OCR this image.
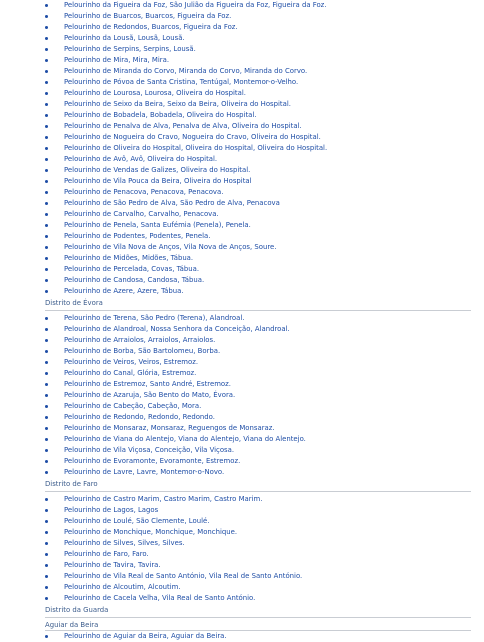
Pelourinho da Figueira da Foz, São Julião da Figueira da Foz, Figueira da Foz.
Pelourinho de Buarcos, Buarcos, Figueira da Foz.
Pelourinho de Redondos, Buarcos, Figueira da Foz.
Pelourinho da Lousã, Lousã, Lousã.
Pelourinho de Serpins, Serpins, Lousã.
Pelourinho de Mira, Mira, Mira.
Pelourinho de Miranda do Corvo, Miranda do Corvo, Miranda do Corvo.
Pelourinho de Póvoa de Santa Cristina, Tentúgal, Montemor-o-Velho.
Pelourinho de Lourosa, Lourosa, Oliveira do Hospital.
Pelourinho de Seixo da Beira, Seixo da Beira, Oliveira do Hospital.
Pelourinho de Bobadela, Bobadela, Oliveira do Hospital.
Pelourinho de Penalva de Alva, Penalva de Alva, Oliveira do Hospital.
Pelourinho de Nogueira do Cravo, Nogueira do Cravo, Oliveira do Hospital.
Pelourinho de Oliveira do Hospital, Oliveira do Hospital, Oliveira do Hospital.
Pelourinho de Avô, Avô, Oliveira do Hospital.
Pelourinho de Vendas de Galizes, Oliveira do Hospital.
Pelourinho de Vila Pouca da Beira, Oliveira do Hospital
Pelourinho de Penacova, Penacova, Penacova.
Pelourinho de São Pedro de Alva, São Pedro de Alva, Penacova
Pelourinho de Carvalho, Carvalho, Penacova.
Pelourinho de Penela, Santa Eufémia (Penela), Penela.
Pelourinho de Podentes, Podentes, Penela.
Pelourinho de Vila Nova de Anços, Vila Nova de Anços, Soure.
Pelourinho de Midões, Midões, Tábua.
Pelourinho de Percelada, Covas, Tábua.
Pelourinho de Candosa, Candosa, Tábua.
Pelourinho de Azere, Azere, Tábua.
Distrito de Évora
Pelourinho de Terena, São Pedro (Terena), Alandroal.
Pelourinho de Alandroal, Nossa Senhora da Conceição, Alandroal.
Pelourinho de Arraiolos, Arraiolos, Arraiolos.
Pelourinho de Borba, São Bartolomeu, Borba.
Pelourinho de Veiros, Veiros, Estremoz.
Pelourinho do Canal, Glória, Estremoz.
Pelourinho de Estremoz, Santo André, Estremoz.
Pelourinho de Azaruja, São Bento do Mato, Évora.
Pelourinho de Cabeção, Cabeção, Mora.
Pelourinho de Redondo, Redondo, Redondo.
Pelourinho de Monsaraz, Monsaraz, Reguengos de Monsaraz.
Pelourinho de Viana do Alentejo, Viana do Alentejo, Viana do Alentejo.
Pelourinho de Vila Viçosa, Conceição, Vila Viçosa.
Pelourinho de Evoramonte, Evoramonte, Estremoz.
Pelourinho de Lavre, Lavre, Montemor-o-Novo.
Distrito de Faro
Pelourinho de Castro Marim, Castro Marim, Castro Marim.
Pelourinho de Lagos, Lagos
Pelourinho de Loulé, São Clemente, Loulé.
Pelourinho de Monchique, Monchique, Monchique.
Pelourinho de Silves, Silves, Silves.
Pelourinho de Faro, Faro.
Pelourinho de Tavira, Tavira.
Pelourinho de Vila Real de Santo António, Vila Real de Santo António.
Pelourinho de Alcoutim, Alcoutim.
Pelourinho de Cacela Velha, Vila Real de Santo António.
Distrito da Guarda
Aguiar da Beira
Pelourinho de Aguiar da Beira, Aguiar da Beira.
